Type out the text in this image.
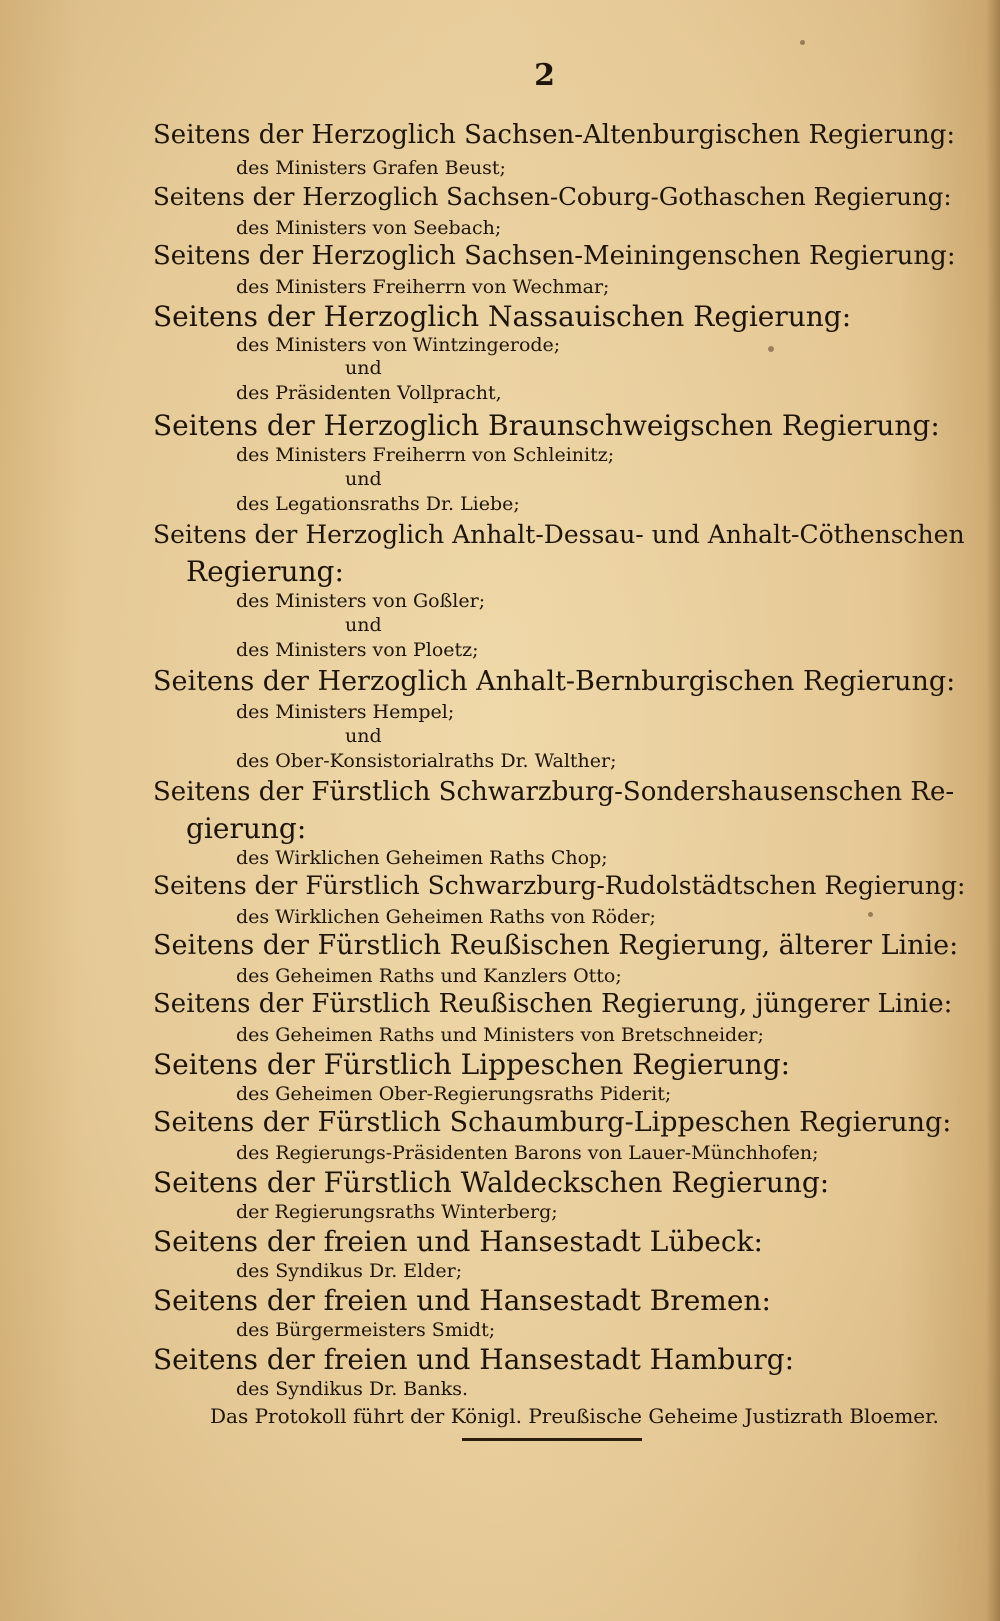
2
Seitens der Herzoglich Sachsen-Altenburgischen Regierung:
des Ministers Grafen Beust;
Seitens der Herzoglich Sachsen-Coburg-Gothaschen Regierung:
des Ministers von Seebach;
Seitens der Herzoglich Sachsen-Meiningenschen Regierung:
des Ministers Freiherrn von Wechmar;
Seitens der Herzoglich Nassauischen Regierung:
des Ministers von Wintzingerode;
und
des Präsidenten Vollpracht,
Seitens der Herzoglich Braunschweigschen Regierung:
des Ministers Freiherrn von Schleinitz;
und
des Legationsraths Dr. Liebe;
Seitens der Herzoglich Anhalt-Dessau- und Anhalt-Cöthenschen
Regierung:
des Ministers von Goßler;
und
des Ministers von Ploetz;
Seitens der Herzoglich Anhalt-Bernburgischen Regierung:
des Ministers Hempel;
und
des Ober-Konsistorialraths Dr. Walther;
Seitens der Fürstlich Schwarzburg-Sondershausenschen Re-
gierung:
des Wirklichen Geheimen Raths Chop;
Seitens der Fürstlich Schwarzburg-Rudolstädtschen Regierung:
des Wirklichen Geheimen Raths von Röder;
Seitens der Fürstlich Reußischen Regierung, älterer Linie:
des Geheimen Raths und Kanzlers Otto;
Seitens der Fürstlich Reußischen Regierung, jüngerer Linie:
des Geheimen Raths und Ministers von Bretschneider;
Seitens der Fürstlich Lippeschen Regierung:
des Geheimen Ober-Regierungsraths Piderit;
Seitens der Fürstlich Schaumburg-Lippeschen Regierung:
des Regierungs-Präsidenten Barons von Lauer-Münchhofen;
Seitens der Fürstlich Waldeckschen Regierung:
der Regierungsraths Winterberg;
Seitens der freien und Hansestadt Lübeck:
des Syndikus Dr. Elder;
Seitens der freien und Hansestadt Bremen:
des Bürgermeisters Smidt;
Seitens der freien und Hansestadt Hamburg:
des Syndikus Dr. Banks.
Das Protokoll führt der Königl. Preußische Geheime Justizrath Bloemer.
